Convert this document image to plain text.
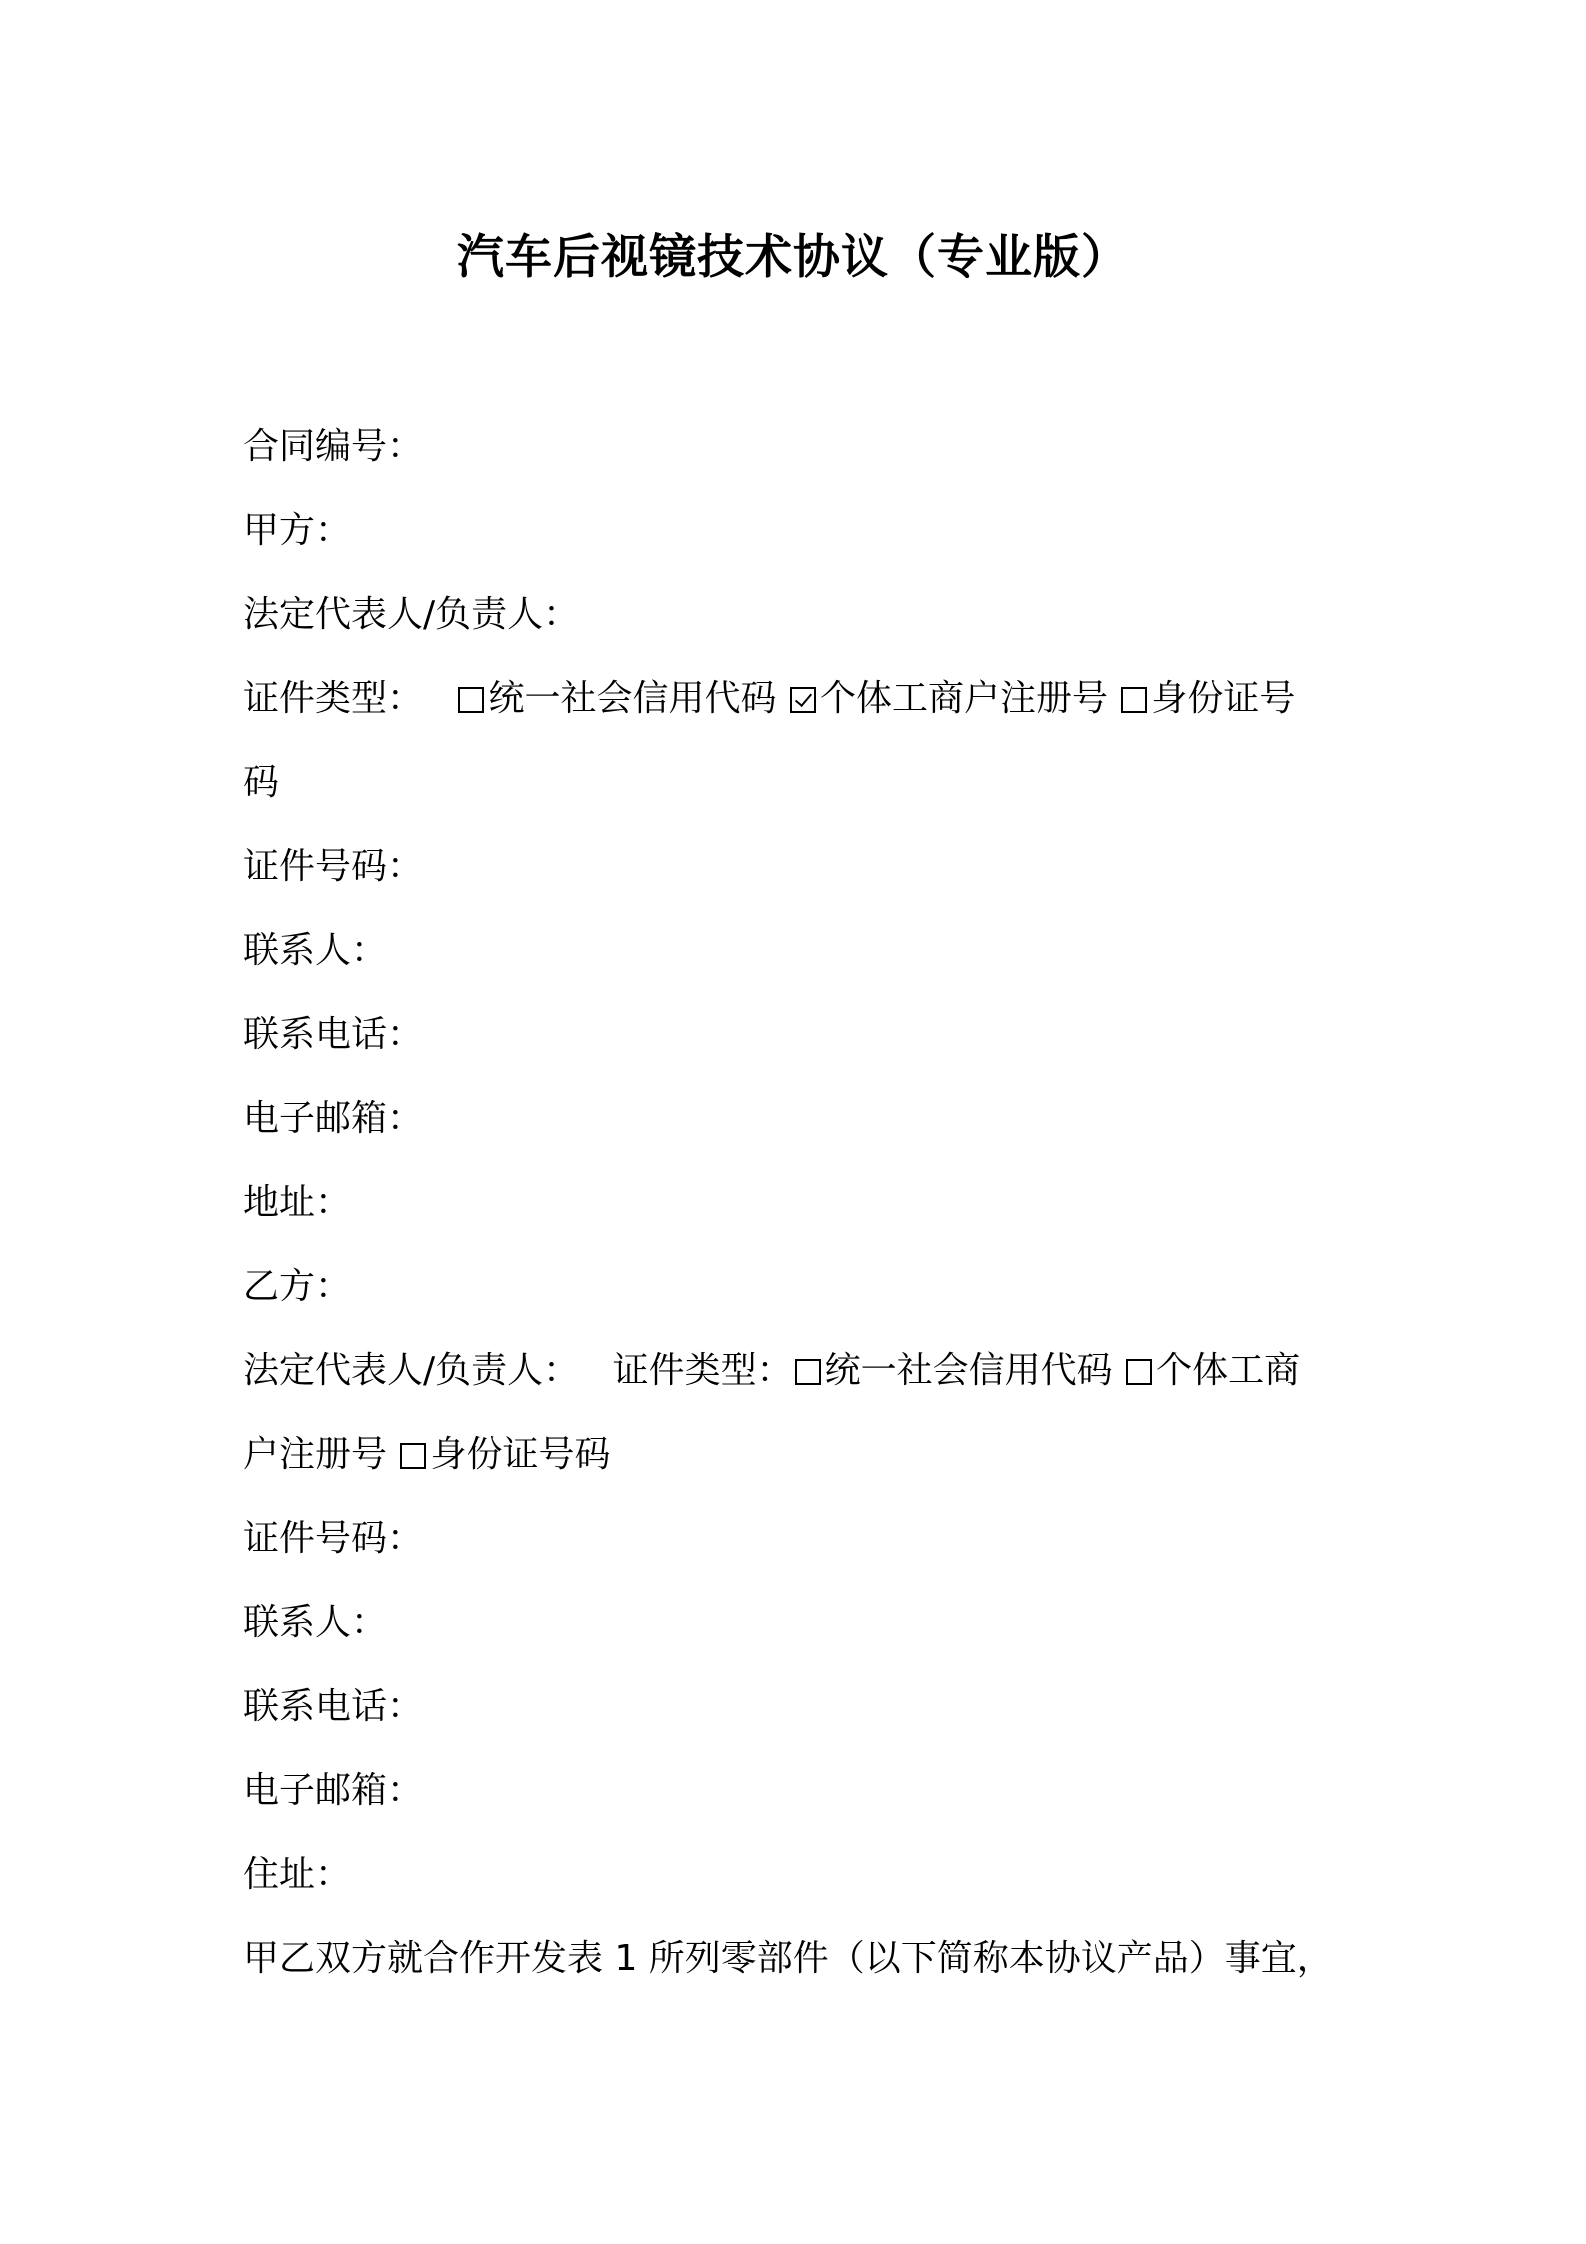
汽车后视镜技术协议（专业版）
合同编号：
甲方：
法定代表人/负责人：
证件类型： 统一社会信用代码 个体工商户注册号 身份证号
码
证件号码：
联系人：
联系电话：
电子邮箱：
地址：
乙方：
法定代表人/负责人： 证件类型： 统一社会信用代码 个体工商
户注册号 身份证号码
证件号码：
联系人：
联系电话：
电子邮箱：
住址：
甲乙双方就合作开发表 1 所列零部件（以下简称本协议产品）事宜，
